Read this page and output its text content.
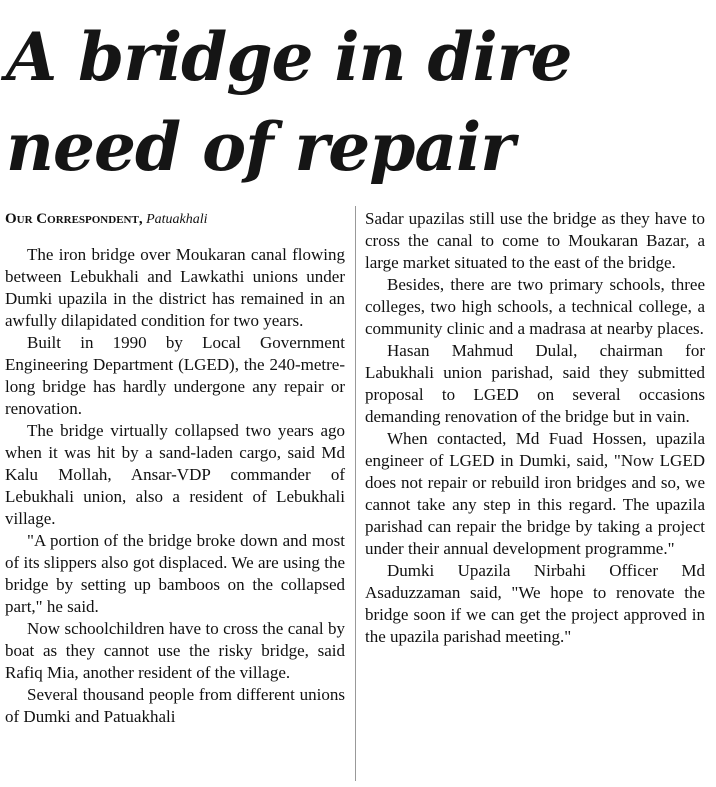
A bridge in dire
need of repair
Our Correspondent, Patuakhali

The iron bridge over Moukaran canal flowing between Lebukhali and Lawkathi unions under Dumki upazila in the district has remained in an awfully dilapidated condition for two years.

Built in 1990 by Local Government Engineering Department (LGED), the 240-metre-long bridge has hardly undergone any repair or renovation.

The bridge virtually collapsed two years ago when it was hit by a sand-laden cargo, said Md Kalu Mollah, Ansar-VDP commander of Lebukhali union, also a resident of Lebukhali village.

"A portion of the bridge broke down and most of its slippers also got displaced. We are using the bridge by setting up bamboos on the collapsed part," he said.

Now schoolchildren have to cross the canal by boat as they cannot use the risky bridge, said Rafiq Mia, another resident of the village.

Several thousand people from different unions of Dumki and Patuakhali

Sadar upazilas still use the bridge as they have to cross the canal to come to Moukaran Bazar, a large market situated to the east of the bridge.

Besides, there are two primary schools, three colleges, two high schools, a technical college, a community clinic and a madrasa at nearby places.

Hasan Mahmud Dulal, chairman for Labukhali union parishad, said they submitted proposal to LGED on several occasions demanding renovation of the bridge but in vain.

When contacted, Md Fuad Hossen, upazila engineer of LGED in Dumki, said, "Now LGED does not repair or rebuild iron bridges and so, we cannot take any step in this regard. The upazila parishad can repair the bridge by taking a project under their annual development programme."

Dumki Upazila Nirbahi Officer Md Asaduzzaman said, "We hope to renovate the bridge soon if we can get the project approved in the upazila parishad meeting."
